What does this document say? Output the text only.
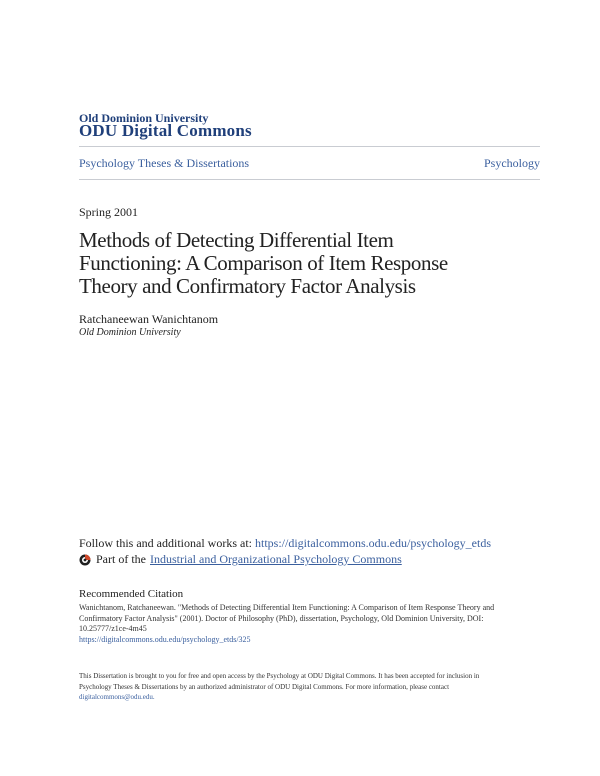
Old Dominion University
ODU Digital Commons
Psychology Theses & Dissertations	Psychology
Spring 2001
Methods of Detecting Differential Item
Functioning: A Comparison of Item Response
Theory and Confirmatory Factor Analysis
Ratchaneewan Wanichtanom
Old Dominion University
Follow this and additional works at: https://digitalcommons.odu.edu/psychology_etds
Part of the Industrial and Organizational Psychology Commons
Recommended Citation
Wanichtanom, Ratchaneewan. "Methods of Detecting Differential Item Functioning: A Comparison of Item Response Theory and
Confirmatory Factor Analysis" (2001). Doctor of Philosophy (PhD), dissertation, Psychology, Old Dominion University, DOI:
10.25777/z1ce-4m45
https://digitalcommons.odu.edu/psychology_etds/325
This Dissertation is brought to you for free and open access by the Psychology at ODU Digital Commons. It has been accepted for inclusion in
Psychology Theses & Dissertations by an authorized administrator of ODU Digital Commons. For more information, please contact
digitalcommons@odu.edu.
